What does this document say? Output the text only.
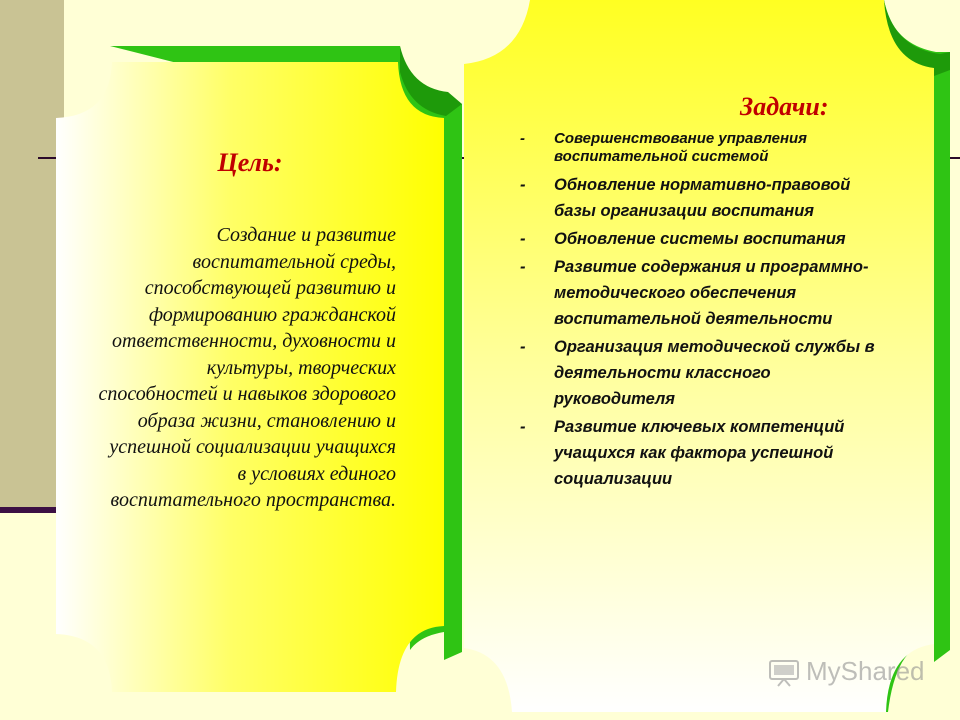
Цель:
Создание и развитие воспитательной среды, способствующей развитию и формированию гражданской ответственности, духовности и культуры, творческих способностей и навыков здорового образа жизни, становлению и успешной социализации учащихся в условиях единого воспитательного пространства.
Задачи:
- Совершенствование управления воспитательной системой
- Обновление нормативно-правовой базы организации воспитания
- Обновление системы воспитания
- Развитие содержания и программно-методического обеспечения воспитательной деятельности
- Организация методической службы в деятельности классного руководителя
- Развитие ключевых компетенций учащихся как фактора успешной социализации
MyShared
